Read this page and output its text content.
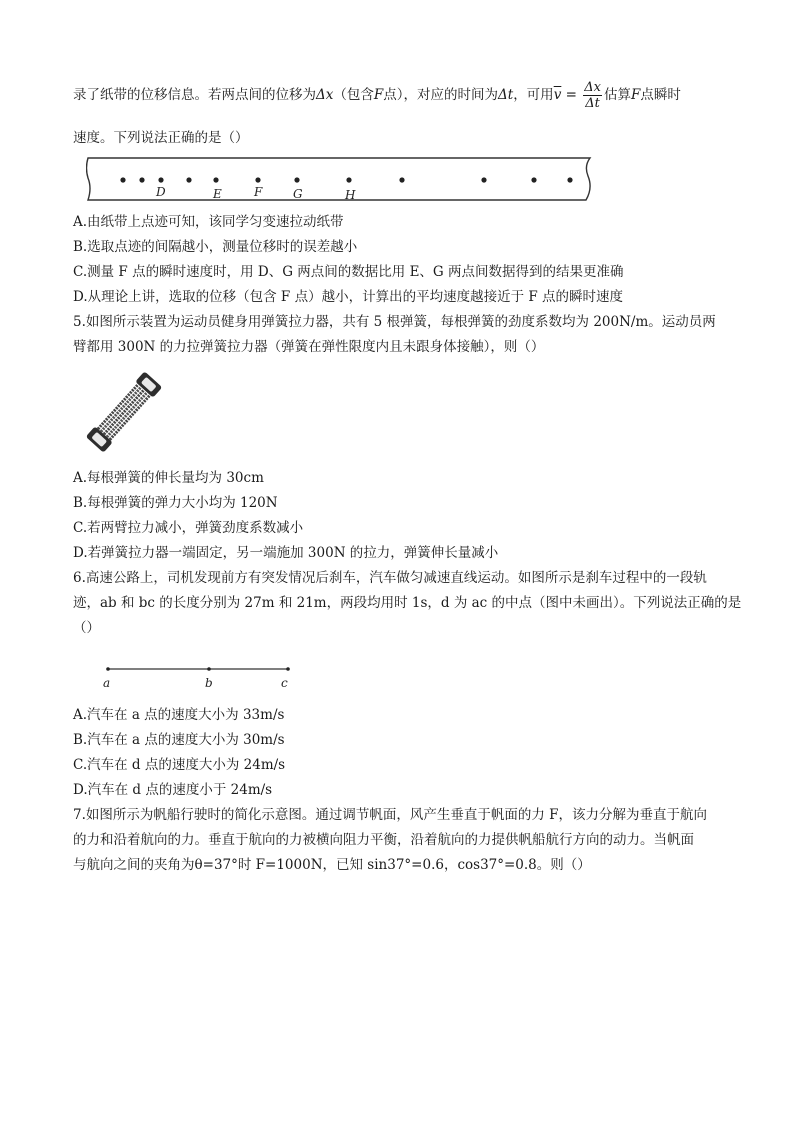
录了纸带的位移信息。若两点间的位移为Δx（包含F点），对应的时间为Δt，可用$\overline{v} = \frac{\Delta x}{\Delta t}$ 估算F点瞬时
速度。下列说法正确的是（）
D	E	F	G	H
A.由纸带上点迹可知，该同学匀变速拉动纸带
B.选取点迹的间隔越小，测量位移时的误差越小
C.测量 F 点的瞬时速度时，用 D、G 两点间的数据比用 E、G 两点间数据得到的结果更准确
D.从理论上讲，选取的位移（包含 F 点）越小，计算出的平均速度越接近于 F 点的瞬时速度
5.如图所示装置为运动员健身用弹簧拉力器，共有 5 根弹簧，每根弹簧的劲度系数均为 200N/m。运动员两
臂都用 300N 的力拉弹簧拉力器（弹簧在弹性限度内且未跟身体接触），则（）
A.每根弹簧的伸长量均为 30cm
B.每根弹簧的弹力大小均为 120N
C.若两臂拉力减小，弹簧劲度系数减小
D.若弹簧拉力器一端固定，另一端施加 300N 的拉力，弹簧伸长量减小
6.高速公路上，司机发现前方有突发情况后刹车，汽车做匀减速直线运动。如图所示是刹车过程中的一段轨
迹，ab 和 bc 的长度分别为 27m 和 21m，两段均用时 1s，d 为 ac 的中点（图中未画出）。下列说法正确的是
（）
a	b	c
A.汽车在 a 点的速度大小为 33m/s
B.汽车在 a 点的速度大小为 30m/s
C.汽车在 d 点的速度大小为 24m/s
D.汽车在 d 点的速度小于 24m/s
7.如图所示为帆船行驶时的简化示意图。通过调节帆面，风产生垂直于帆面的力 F，该力分解为垂直于航向
的力和沿着航向的力。垂直于航向的力被横向阻力平衡，沿着航向的力提供帆船航行方向的动力。当帆面
与航向之间的夹角为θ=37°时 F=1000N，已知 sin37°=0.6，cos37°=0.8。则（）
